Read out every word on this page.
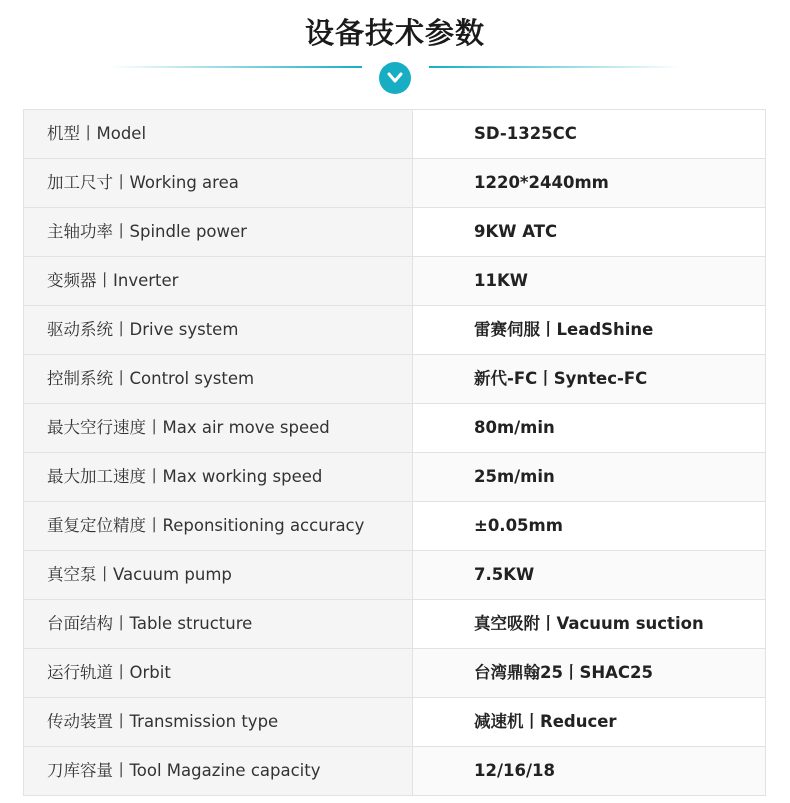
设备技术参数
机型丨Model	SD-1325CC
加工尺寸丨Working area	1220*2440mm
主轴功率丨Spindle power	9KW ATC
变频器丨Inverter	11KW
驱动系统丨Drive system	雷赛伺服丨LeadShine
控制系统丨Control system	新代-FC丨Syntec-FC
最大空行速度丨Max air move speed	80m/min
最大加工速度丨Max working speed	25m/min
重复定位精度丨Reponsitioning accuracy	±0.05mm
真空泵丨Vacuum pump	7.5KW
台面结构丨Table structure	真空吸附丨Vacuum suction
运行轨道丨Orbit	台湾鼎翰25丨SHAC25
传动装置丨Transmission type	减速机丨Reducer
刀库容量丨Tool Magazine capacity	12/16/18
